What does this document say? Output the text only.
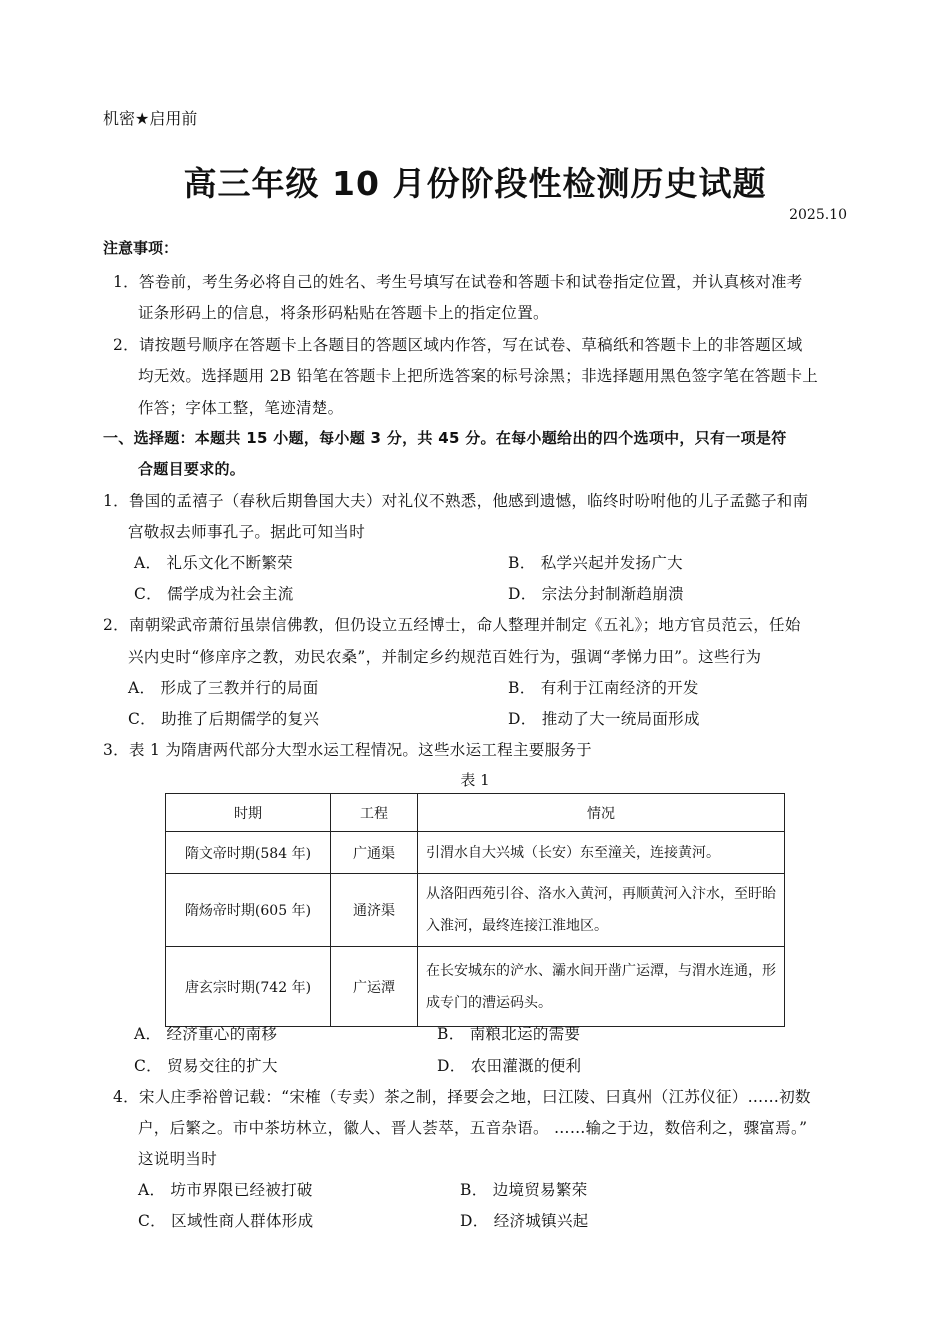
机密★启用前
高三年级 10 月份阶段性检测历史试题
2025.10
注意事项：
1．答卷前，考生务必将自己的姓名、考生号填写在试卷和答题卡和试卷指定位置，并认真核对准考
证条形码上的信息，将条形码粘贴在答题卡上的指定位置。
2．请按题号顺序在答题卡上各题目的答题区域内作答，写在试卷、草稿纸和答题卡上的非答题区域
均无效。选择题用 2B 铅笔在答题卡上把所选答案的标号涂黑；非选择题用黑色签字笔在答题卡上
作答；字体工整，笔迹清楚。
一、选择题：本题共 15 小题，每小题 3 分，共 45 分。在每小题给出的四个选项中，只有一项是符
合题目要求的。
1．鲁国的孟禧子（春秋后期鲁国大夫）对礼仪不熟悉，他感到遗憾，临终时吩咐他的儿子孟懿子和南
宫敬叔去师事孔子。据此可知当时
A． 礼乐文化不断繁荣	B． 私学兴起并发扬广大
C． 儒学成为社会主流	D． 宗法分封制渐趋崩溃
2．南朝梁武帝萧衍虽崇信佛教，但仍设立五经博士，命人整理并制定《五礼》；地方官员范云，任始
兴内史时“修庠序之教，劝民农桑”，并制定乡约规范百姓行为，强调“孝悌力田”。这些行为
A． 形成了三教并行的局面	B． 有利于江南经济的开发
C． 助推了后期儒学的复兴	D． 推动了大一统局面形成
3．表 1 为隋唐两代部分大型水运工程情况。这些水运工程主要服务于
表 1
时期	工程	情况
隋文帝时期(584 年)	广通渠	引渭水自大兴城（长安）东至潼关，连接黄河。
隋炀帝时期(605 年)	通济渠	从洛阳西苑引谷、洛水入黄河，再顺黄河入汴水，至盱眙入淮河，最终连接江淮地区。
唐玄宗时期(742 年)	广运潭	在长安城东的浐水、灞水间开凿广运潭，与渭水连通，形成专门的漕运码头。
A． 经济重心的南移	B． 南粮北运的需要
C． 贸易交往的扩大	D． 农田灌溉的便利
4．宋人庄季裕曾记载：“宋榷（专卖）茶之制，择要会之地，曰江陵、曰真州（江苏仪征）……初数
户，后繁之。市中茶坊林立，徽人、晋人荟萃，五音杂语。 ……输之于边，数倍利之，骤富焉。”
这说明当时
A． 坊市界限已经被打破	B． 边境贸易繁荣
C． 区域性商人群体形成	D． 经济城镇兴起
